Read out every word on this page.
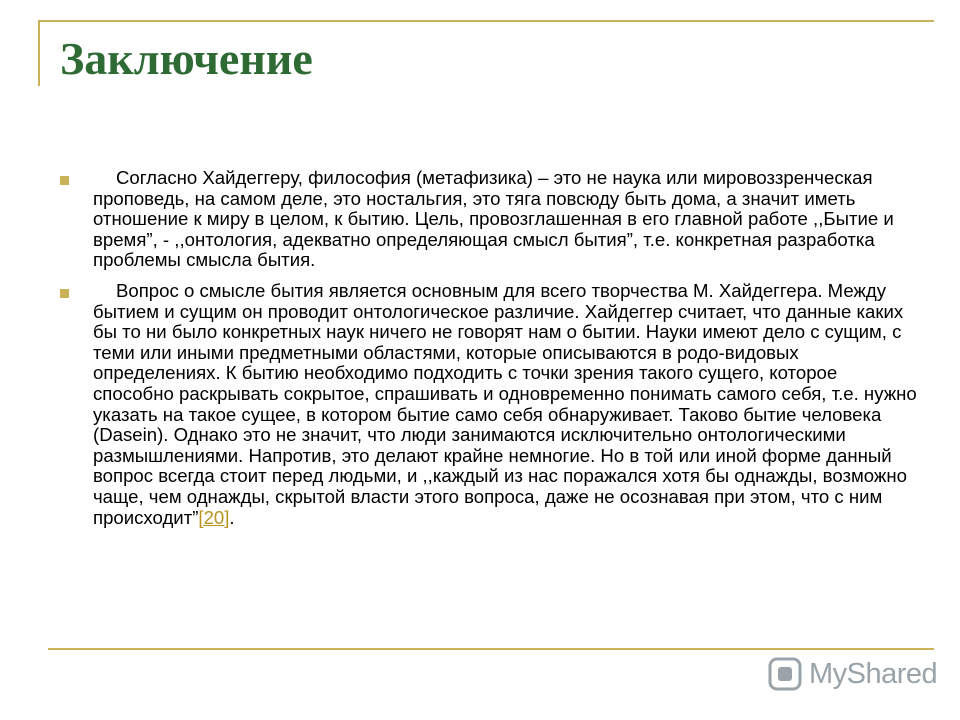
Заключение

Согласно Хайдеггеру, философия (метафизика) – это не наука или мировоззренческая проповедь, на самом деле, это ностальгия, это тяга повсюду быть дома, а значит иметь отношение к миру в целом, к бытию. Цель, провозглашенная в его главной работе ,,Бытие и время”, - ,,онтология, адекватно определяющая смысл бытия”, т.е. конкретная разработка проблемы смысла бытия.

Вопрос о смысле бытия является основным для всего творчества М. Хайдеггера. Между бытием и сущим он проводит онтологическое различие. Хайдеггер считает, что данные каких бы то ни было конкретных наук ничего не говорят нам о бытии. Науки имеют дело с сущим, с теми или иными предметными областями, которые описываются в родо-видовых определениях. К бытию необходимо подходить с точки зрения такого сущего, которое способно раскрывать сокрытое, спрашивать и одновременно понимать самого себя, т.е. нужно указать на такое сущее, в котором бытие само себя обнаруживает. Таково бытие человека (Dasein). Однако это не значит, что люди занимаются исключительно онтологическими размышлениями. Напротив, это делают крайне немногие. Но в той или иной форме данный вопрос всегда стоит перед людьми, и ,,каждый из нас поражался хотя бы однажды, возможно чаще, чем однажды, скрытой власти этого вопроса, даже не осознавая при этом, что с ним происходит”[20].

MyShared
